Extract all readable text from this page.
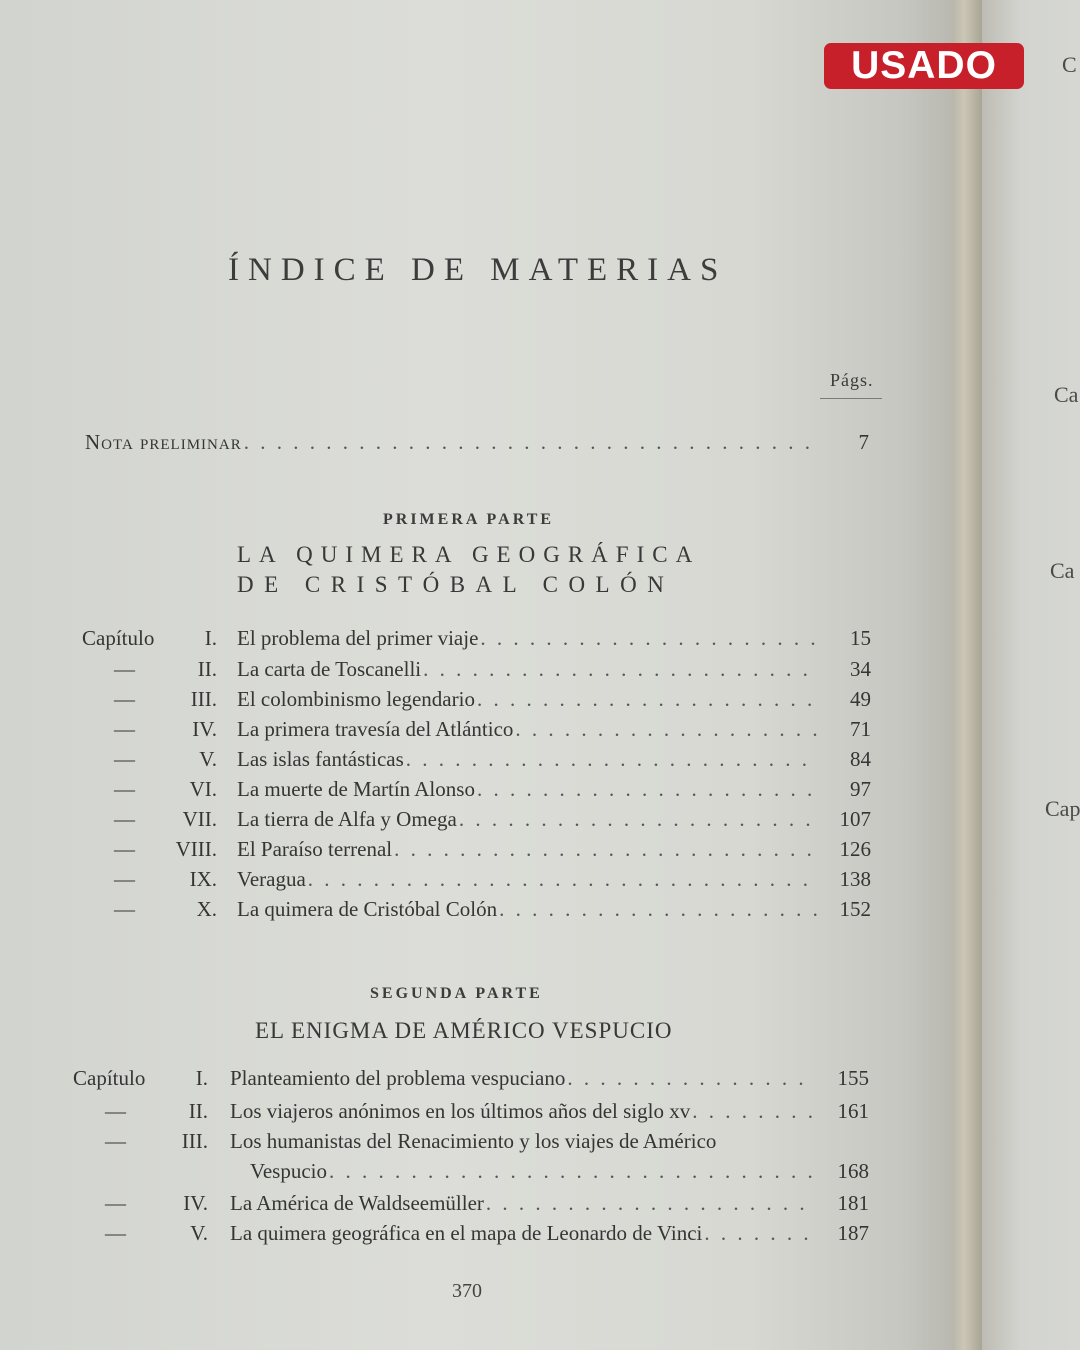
C
Ca
Ca
Cap
USADO
ÍNDICE DE MATERIAS
Págs.
Nota preliminar . . .	7
PRIMERA PARTE
LA QUIMERA GEOGRÁFICA
DE CRISTÓBAL COLÓN
Capítulo	I. El problema del primer viaje . . .	15
—	II. La carta de Toscanelli . . .	34
—	III. El colombinismo legendario . . .	49
—	IV. La primera travesía del Atlántico . . .	71
—	V. Las islas fantásticas . . .	84
—	VI. La muerte de Martín Alonso . . .	97
—	VII. La tierra de Alfa y Omega . . .	107
—	VIII. El Paraíso terrenal . . .	126
—	IX. Veragua . . .	138
—	X. La quimera de Cristóbal Colón . . .	152
SEGUNDA PARTE
EL ENIGMA DE AMÉRICO VESPUCIO
Capítulo	I. Planteamiento del problema vespuciano . . .	155
—	II. Los viajeros anónimos en los últimos años del siglo xv . . .	161
—	III. Los humanistas del Renacimiento y los viajes de Américo
Vespucio . . .	168
—	IV. La América de Waldseemüller . . .	181
—	V. La quimera geográfica en el mapa de Leonardo de Vinci . . .	187
370
